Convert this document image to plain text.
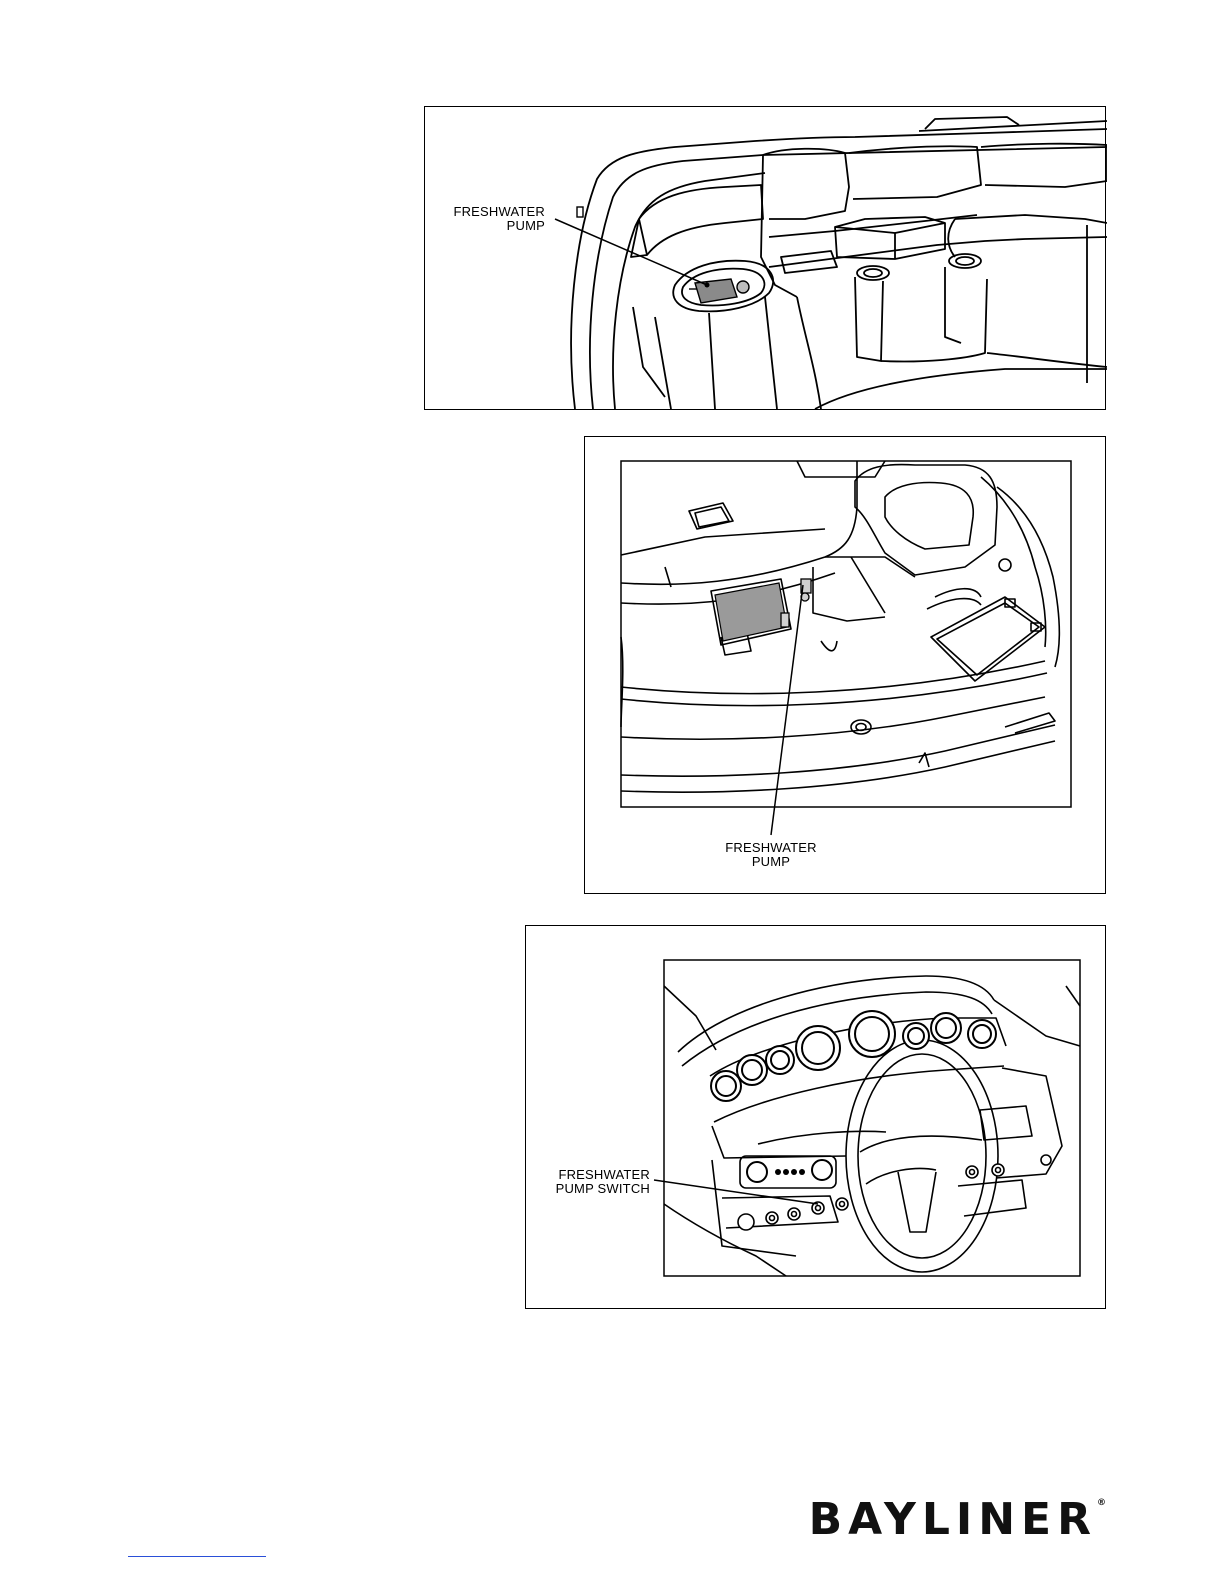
FRESHWATER
PUMP
FRESHWATER
PUMP
FRESHWATER
PUMP SWITCH
BAYLINER®
